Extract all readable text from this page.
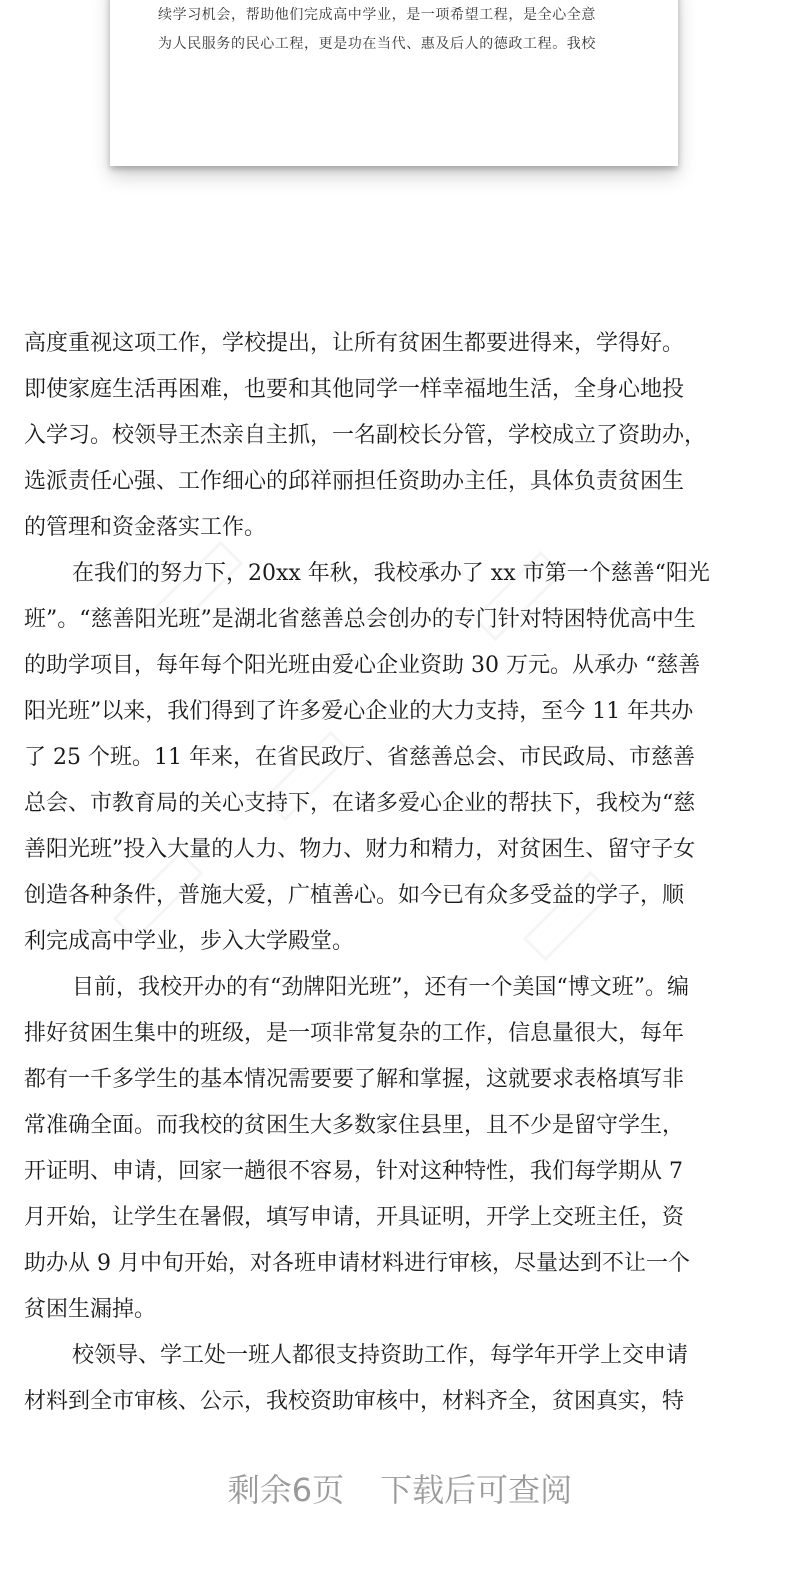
续学习机会，帮助他们完成高中学业，是一项希望工程，是全心全意
为人民服务的民心工程，更是功在当代、惠及后人的德政工程。我校
高度重视这项工作，学校提出，让所有贫困生都要进得来，学得好。
即使家庭生活再困难，也要和其他同学一样幸福地生活，全身心地投
入学习。校领导王杰亲自主抓，一名副校长分管，学校成立了资助办，
选派责任心强、工作细心的邱祥丽担任资助办主任，具体负责贫困生
的管理和资金落实工作。
在我们的努力下，20xx 年秋，我校承办了 xx 市第一个慈善“阳光
班”。“慈善阳光班”是湖北省慈善总会创办的专门针对特困特优高中生
的助学项目，每年每个阳光班由爱心企业资助 30 万元。从承办 “慈善
阳光班”以来，我们得到了许多爱心企业的大力支持，至今 11 年共办
了 25 个班。11 年来，在省民政厅、省慈善总会、市民政局、市慈善
总会、市教育局的关心支持下，在诸多爱心企业的帮扶下，我校为“慈
善阳光班”投入大量的人力、物力、财力和精力，对贫困生、留守子女
创造各种条件，普施大爱，广植善心。如今已有众多受益的学子，顺
利完成高中学业，步入大学殿堂。
目前，我校开办的有“劲牌阳光班”，还有一个美国“博文班”。编
排好贫困生集中的班级，是一项非常复杂的工作，信息量很大，每年
都有一千多学生的基本情况需要要了解和掌握，这就要求表格填写非
常准确全面。而我校的贫困生大多数家住县里，且不少是留守学生，
开证明、申请，回家一趟很不容易，针对这种特性，我们每学期从 7
月开始，让学生在暑假，填写申请，开具证明，开学上交班主任，资
助办从 9 月中旬开始，对各班申请材料进行审核，尽量达到不让一个
贫困生漏掉。
校领导、学工处一班人都很支持资助工作，每学年开学上交申请
材料到全市审核、公示，我校资助审核中，材料齐全，贫困真实，特
剩余6页 下载后可查阅
